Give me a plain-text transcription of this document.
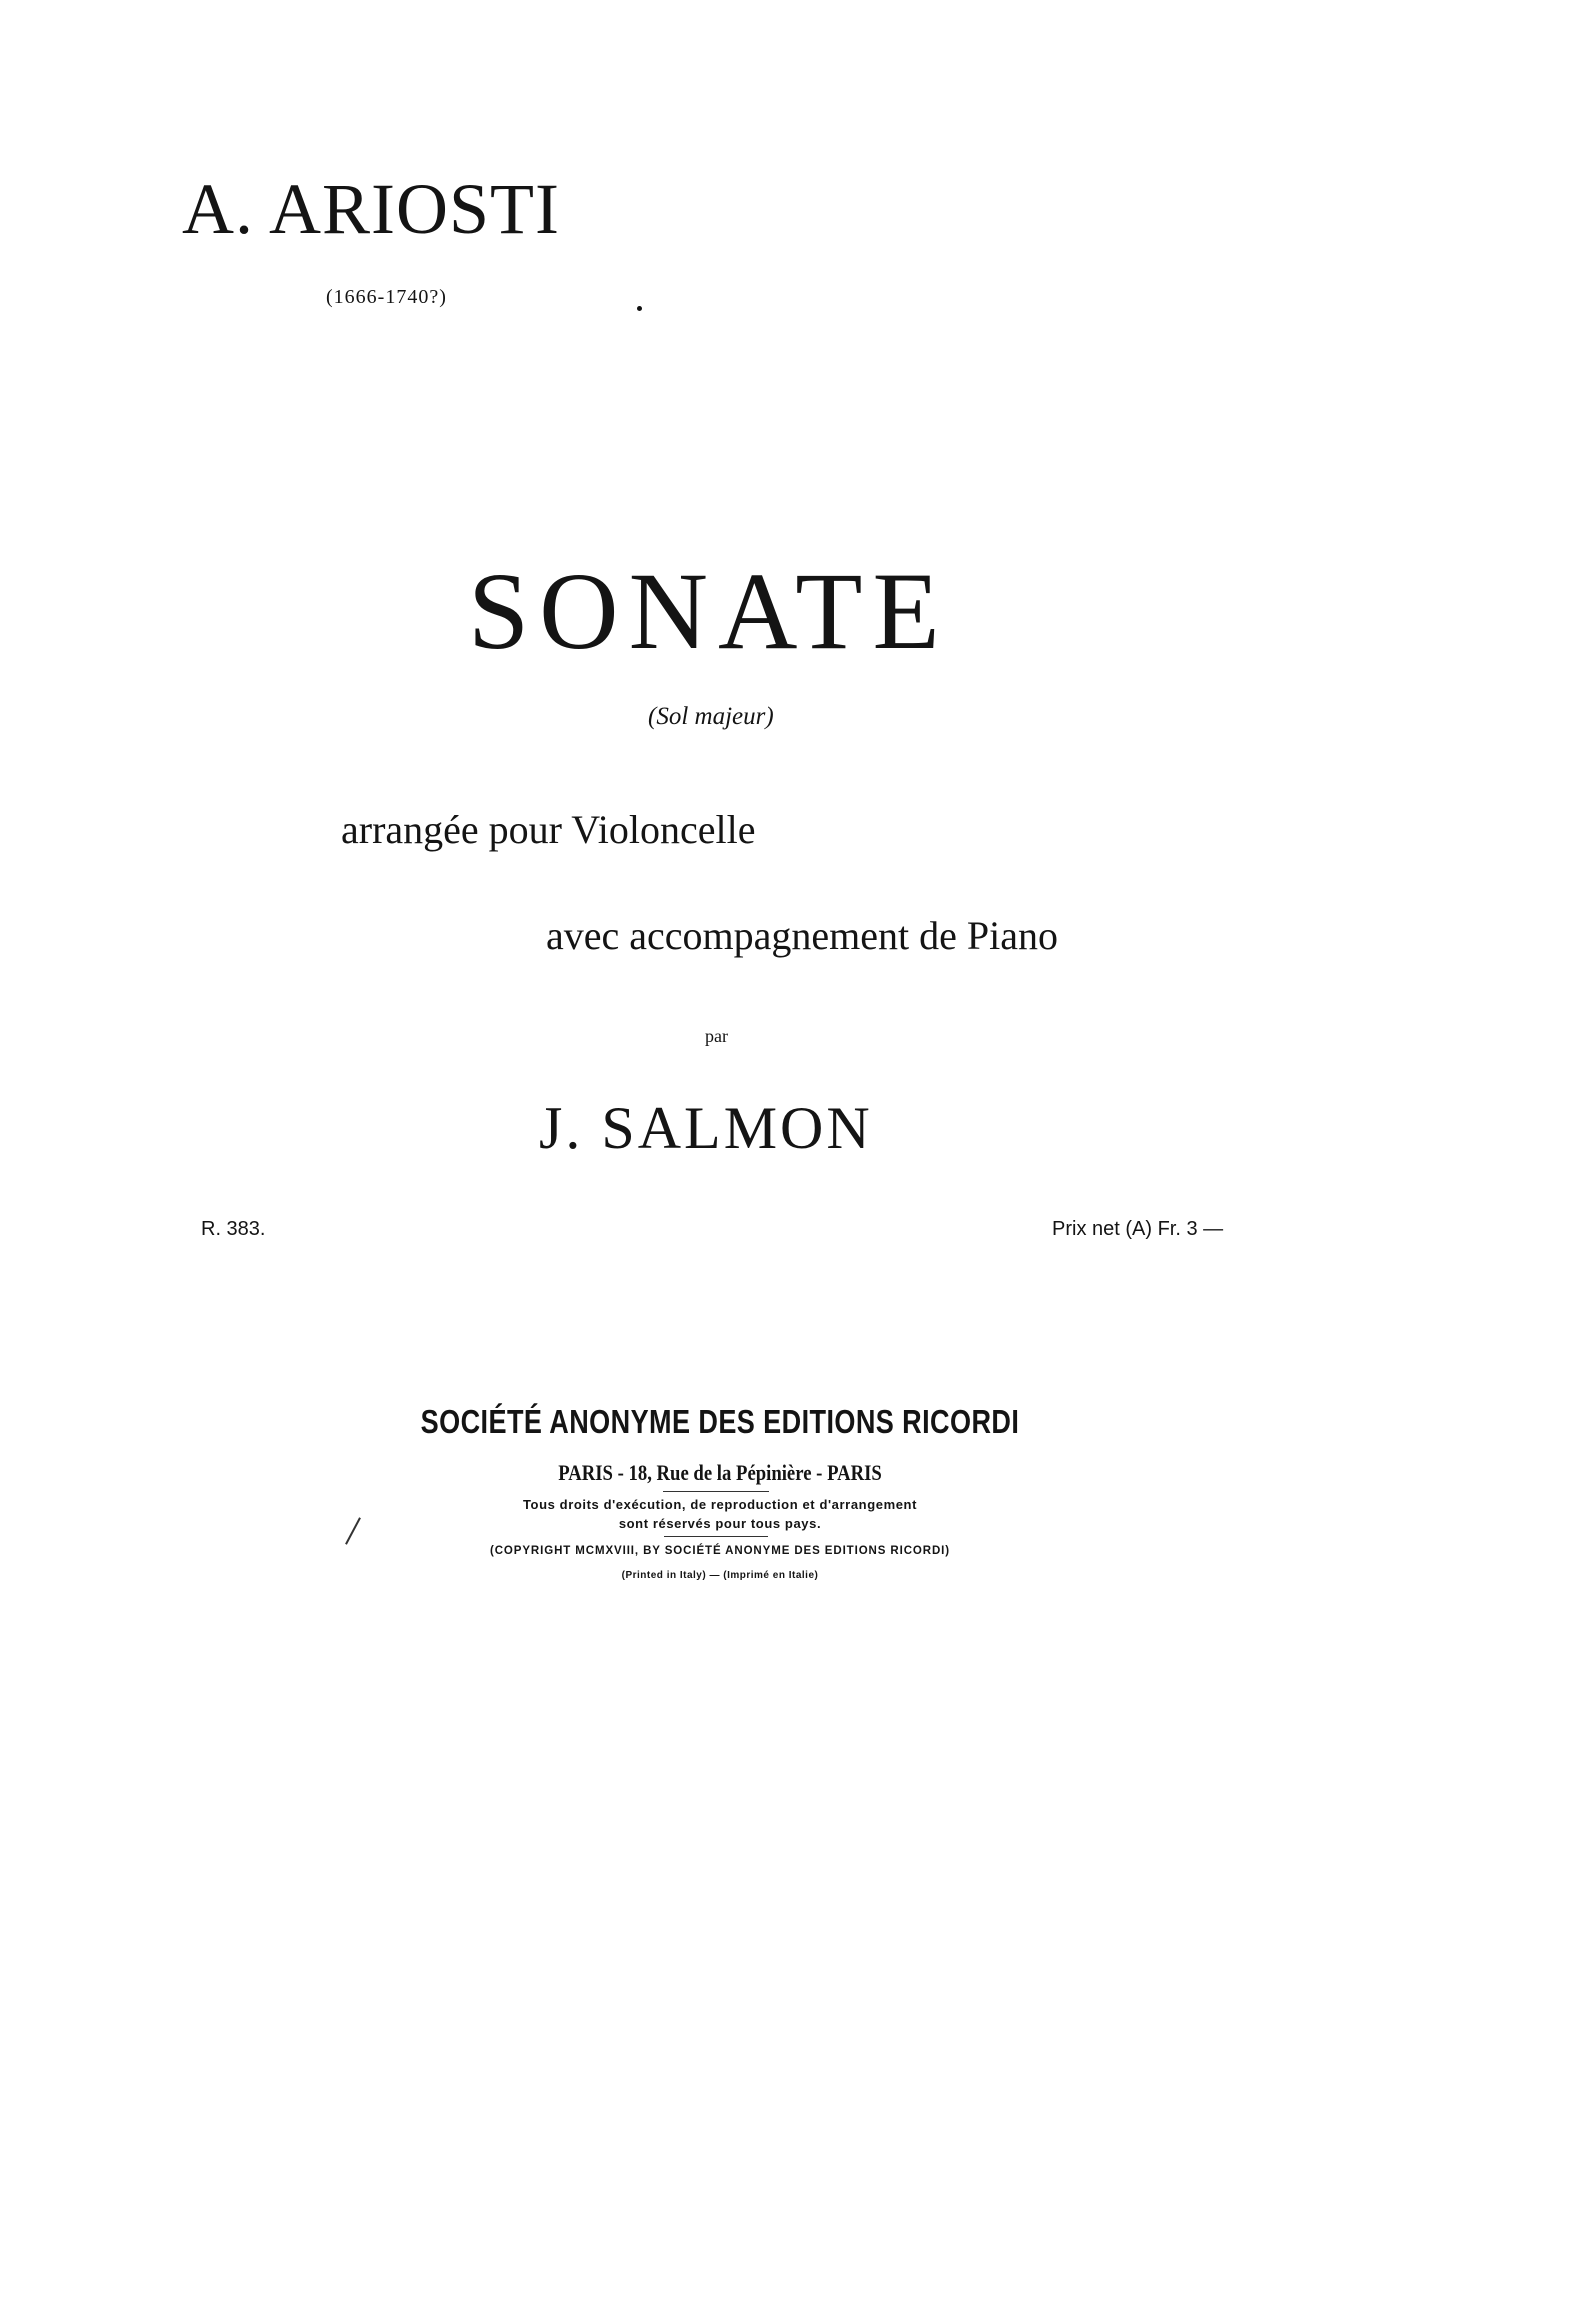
A. ARIOSTI
(1666-1740?)
SONATE
(Sol majeur)
arrangée pour Violoncelle
avec accompagnement de Piano
par
J. SALMON
R. 383.	Prix net (A) Fr. 3 —
SOCIÉTÉ ANONYME DES EDITIONS RICORDI
PARIS - 18, Rue de la Pépinière - PARIS
Tous droits d'exécution, de reproduction et d'arrangement
sont réservés pour tous pays.
(COPYRIGHT MCMXVIII, BY SOCIÉTÉ ANONYME DES EDITIONS RICORDI)
(Printed in Italy) — (Imprimé en Italie)
